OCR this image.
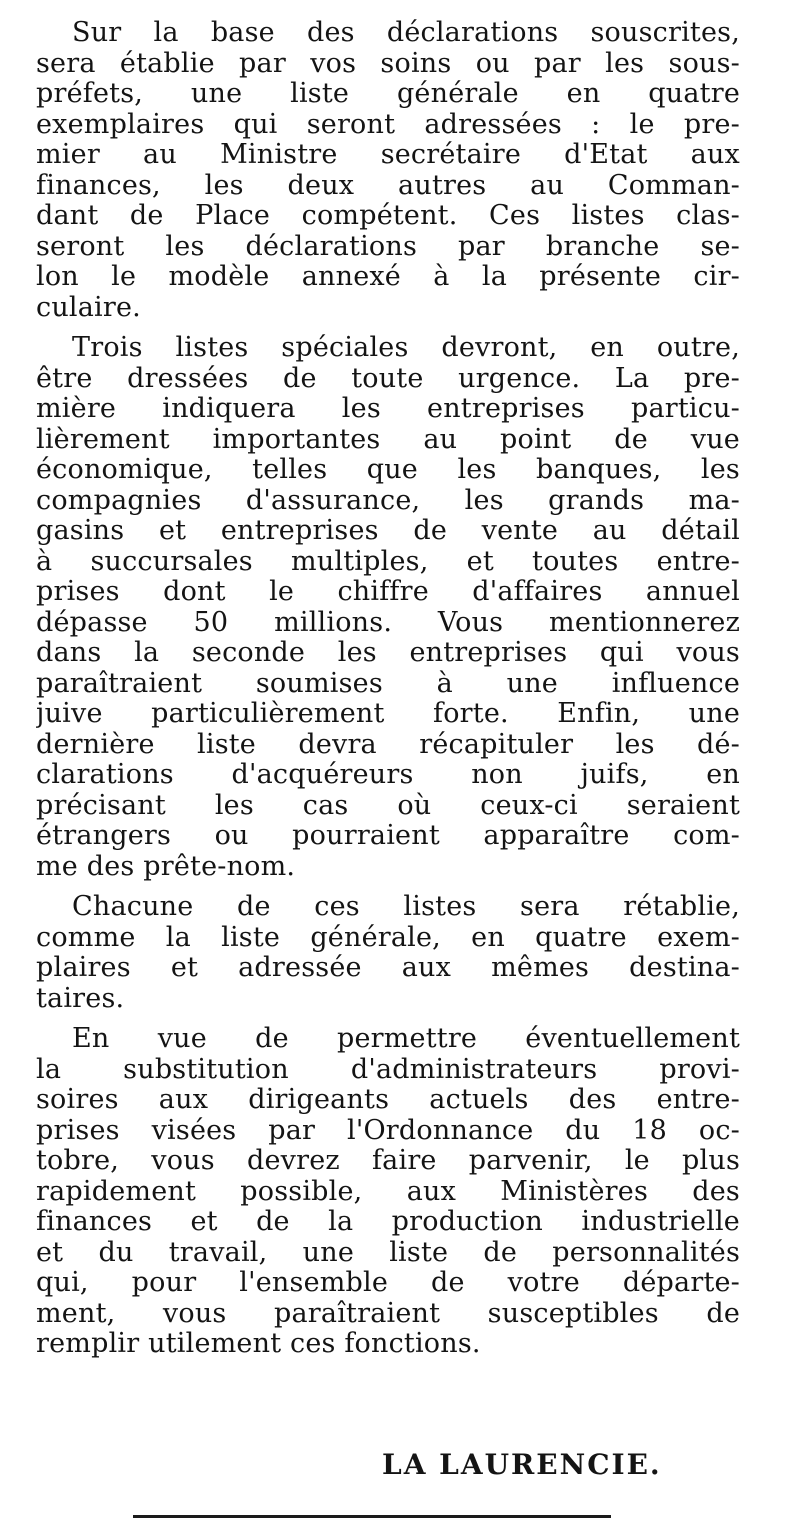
Sur la base des déclarations souscrites,
sera établie par vos soins ou par les sous-
préfets, une liste générale en quatre
exemplaires qui seront adressées : le pre-
mier au Ministre secrétaire d'Etat aux
finances, les deux autres au Comman-
dant de Place compétent. Ces listes clas-
seront les déclarations par branche se-
lon le modèle annexé à la présente cir-
culaire.
Trois listes spéciales devront, en outre,
être dressées de toute urgence. La pre-
mière indiquera les entreprises particu-
lièrement importantes au point de vue
économique, telles que les banques, les
compagnies d'assurance, les grands ma-
gasins et entreprises de vente au détail
à succursales multiples, et toutes entre-
prises dont le chiffre d'affaires annuel
dépasse 50 millions. Vous mentionnerez
dans la seconde les entreprises qui vous
paraîtraient soumises à une influence
juive particulièrement forte. Enfin, une
dernière liste devra récapituler les dé-
clarations d'acquéreurs non juifs, en
précisant les cas où ceux-ci seraient
étrangers ou pourraient apparaître com-
me des prête-nom.
Chacune de ces listes sera rétablie,
comme la liste générale, en quatre exem-
plaires et adressée aux mêmes destina-
taires.
En vue de permettre éventuellement
la substitution d'administrateurs provi-
soires aux dirigeants actuels des entre-
prises visées par l'Ordonnance du 18 oc-
tobre, vous devrez faire parvenir, le plus
rapidement possible, aux Ministères des
finances et de la production industrielle
et du travail, une liste de personnalités
qui, pour l'ensemble de votre départe-
ment, vous paraîtraient susceptibles de
remplir utilement ces fonctions.
LA LAURENCIE.
